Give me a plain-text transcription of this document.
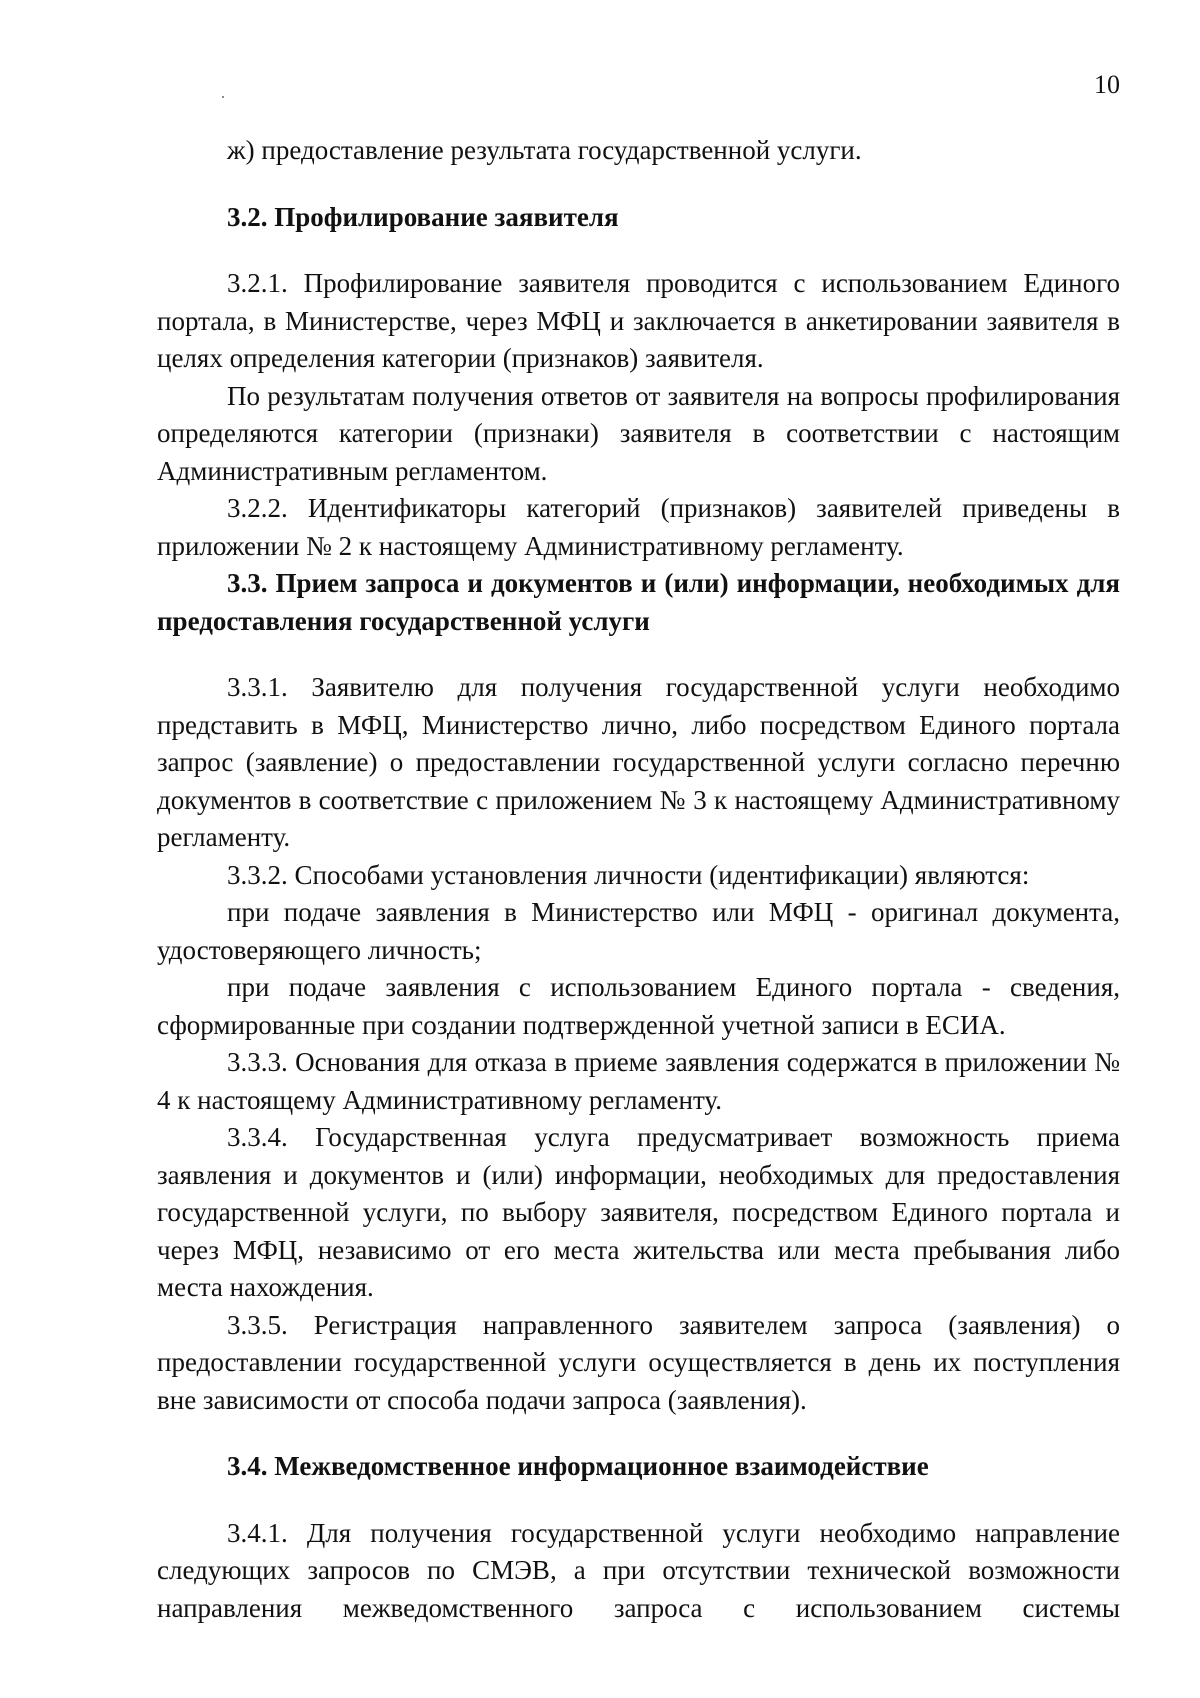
10

ж) предоставление результата государственной услуги.

3.2. Профилирование заявителя

3.2.1. Профилирование заявителя проводится с использованием Единого портала, в Министерстве, через МФЦ и заключается в анкетировании заявителя в целях определения категории (признаков) заявителя.

По результатам получения ответов от заявителя на вопросы профилирования определяются категории (признаки) заявителя в соответствии с настоящим Административным регламентом.

3.2.2. Идентификаторы категорий (признаков) заявителей приведены в приложении № 2 к настоящему Административному регламенту.

3.3. Прием запроса и документов и (или) информации, необходимых для предоставления государственной услуги

3.3.1. Заявителю для получения государственной услуги необходимо представить в МФЦ, Министерство лично, либо посредством Единого портала запрос (заявление) о предоставлении государственной услуги согласно перечню документов в соответствие с приложением № 3 к настоящему Административному регламенту.

3.3.2. Способами установления личности (идентификации) являются:

при подаче заявления в Министерство или МФЦ - оригинал документа, удостоверяющего личность;

при подаче заявления с использованием Единого портала - сведения, сформированные при создании подтвержденной учетной записи в ЕСИА.

3.3.3. Основания для отказа в приеме заявления содержатся в приложении № 4 к настоящему Административному регламенту.

3.3.4. Государственная услуга предусматривает возможность приема заявления и документов и (или) информации, необходимых для предоставления государственной услуги, по выбору заявителя, посредством Единого портала и через МФЦ, независимо от его места жительства или места пребывания либо места нахождения.

3.3.5. Регистрация направленного заявителем запроса (заявления) о предоставлении государственной услуги осуществляется в день их поступления вне зависимости от способа подачи запроса (заявления).

3.4. Межведомственное информационное взаимодействие

3.4.1. Для получения государственной услуги необходимо направление следующих запросов по СМЭВ, а при отсутствии технической возможности направления межведомственного запроса с использованием системы
